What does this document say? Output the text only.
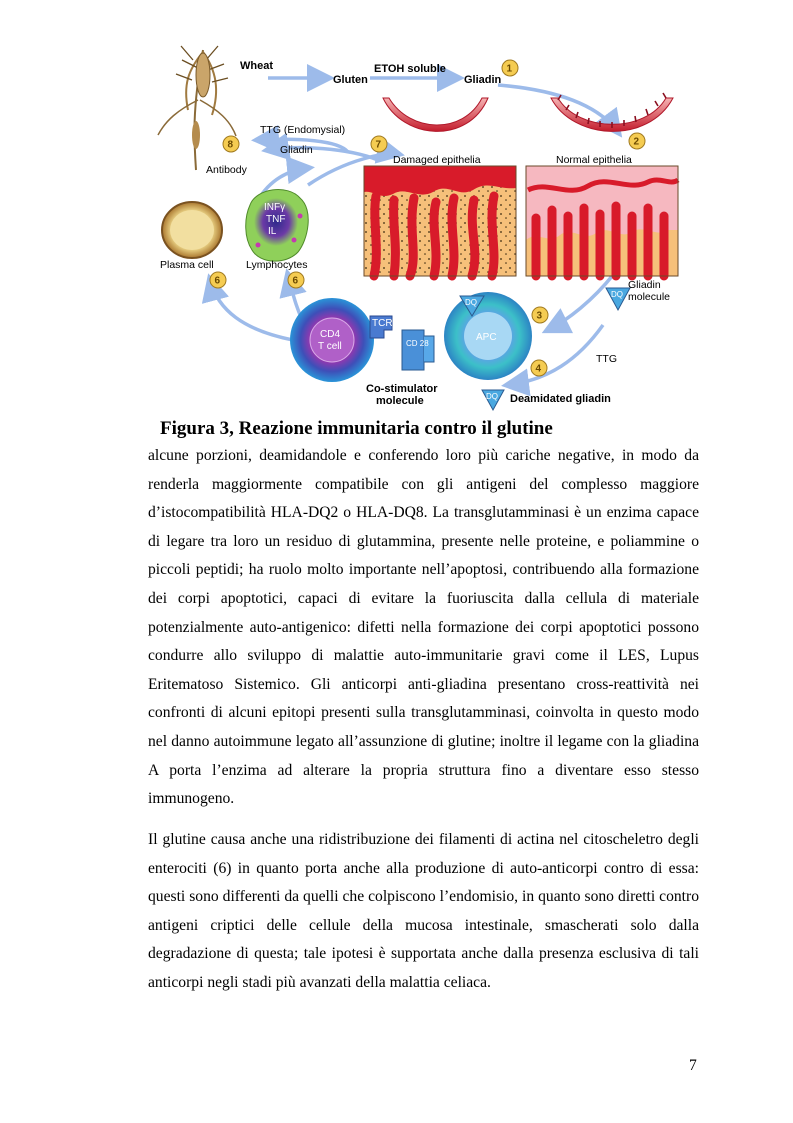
Wheat
Gluten
ETOH soluble
Gliadin
1
2
7
8
3
4
6	6
TTG (Endomysial)
Gliadin
Antibody
Damaged epithelia	Normal epithelia
Plasma cell
INFγ
TNF
IL
Lymphocytes
CD4
T cell
TCR
CD 28
Co-stimulator
molecule
APC
DQ
DQ
Gliadin
molecule
TTG
DQ Deamidated gliadin
Figura 3, Reazione immunitaria contro il glutine

alcune porzioni, deamidandole e conferendo loro più cariche negative, in modo da renderla maggiormente compatibile con gli antigeni del complesso maggiore d’istocompatibilità HLA-DQ2 o HLA-DQ8. La transglutamminasi è un enzima capace di legare tra loro un residuo di glutammina, presente nelle proteine, e poliammine o piccoli peptidi; ha ruolo molto importante nell’apoptosi, contribuendo alla formazione dei corpi apoptotici, capaci di evitare la fuoriuscita dalla cellula di materiale potenzialmente auto-antigenico: difetti nella formazione dei corpi apoptotici possono condurre allo sviluppo di malattie auto-immunitarie gravi come il LES, Lupus Eritematoso Sistemico. Gli anticorpi anti-gliadina presentano cross-reattività nei confronti di alcuni epitopi presenti sulla transglutamminasi, coinvolta in questo modo nel danno autoimmune legato all’assunzione di glutine; inoltre il legame con la gliadina A porta l’enzima ad alterare la propria struttura fino a diventare esso stesso immunogeno.

Il glutine causa anche una ridistribuzione dei filamenti di actina nel citoscheletro degli enterociti (6) in quanto porta anche alla produzione di auto-anticorpi contro di essa: questi sono differenti da quelli che colpiscono l’endomisio, in quanto sono diretti contro antigeni criptici delle cellule della mucosa intestinale, smascherati solo dalla degradazione di questa; tale ipotesi è supportata anche dalla presenza esclusiva di tali anticorpi negli stadi più avanzati della malattia celiaca.

7
